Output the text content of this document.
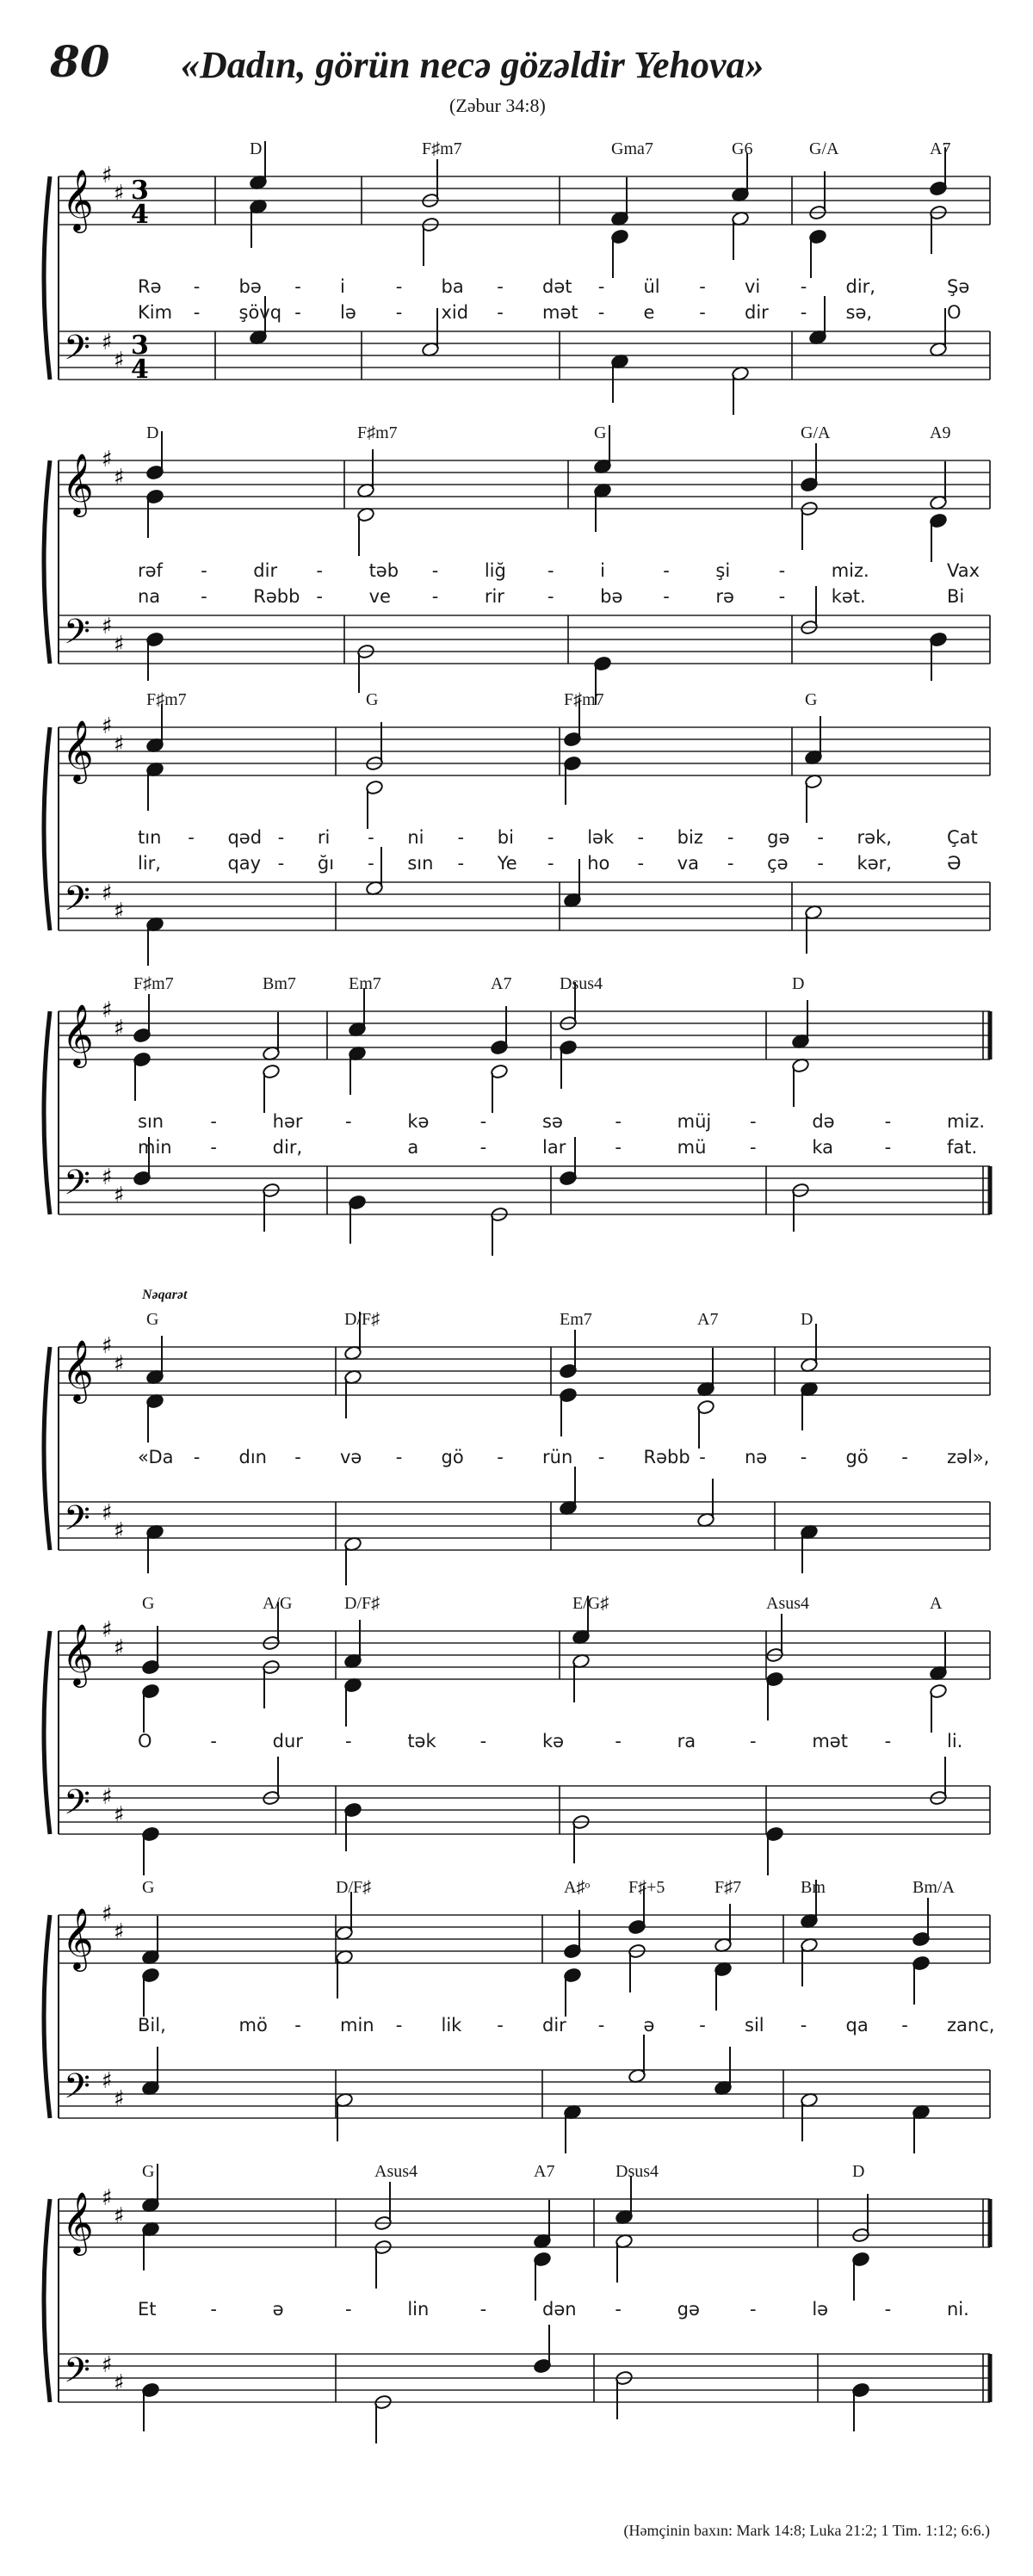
80 «Dadın, görün necə gözəldir Yehova»
(Zəbur 34:8)
𝄞
𝄢
♯
♯
♯
♯
3
4
3
4
D	F♯m7	Gma7	G6	G/A	A7
Rə - bə - i	- ba - dət - ül - vi - dir,	Şə
Kim - şövq - lə - xid - mət - e - dir - sə,	O
𝄞
𝄢
♯
♯
♯
♯
D	F♯m7	G	G/A	A9
rəf -	dir -	təb -	liğ -	i	-	şi	-	miz.	Vax
na -	Rəbb -	ve -	rir -	bə -	rə -	kət.	Bi
𝄞
𝄢
♯
♯
♯
♯
F♯m7	G	F♯m7	G
tın - qəd - ri - ni - bi - lək - biz - gə - rək,	Çat
lir,	qay - ğı - sın - Ye - ho - va - çə - kər,	Ə
𝄞
𝄢
♯
♯
♯
♯
F♯m7	Bm7	Em7	A7	Dsus4	D
sın	-	hər -	kə	-	sə	-	müj -	də	-	miz.
min -	dir,	a	-	lar	-	mü -	ka	-	fat.
𝄞
𝄢
♯
♯
♯
♯
G	D/F♯	Em7	A7	D
Nəqarət
«Da - dın - və - gö - rün - Rəbb - nə - gö - zəl»,
𝄞
𝄢
♯
♯
♯
♯
G	A/G	D/F♯	E/G♯	Asus4	A
O	-	dur -	tək -	kə	-	ra	-	mət -	li.
𝄞
𝄢
♯
♯
♯
♯
G	D/F♯	A♯ᵒ F♯+5	F♯7	Bm	Bm/A
Bil,	mö - min - lik - dir - ə - sil - qa - zanc,
𝄞
𝄢
♯
♯
♯
♯
G	Asus4	A7	Dsus4	D
Et	-	ə	-	lin	-	dən -	gə	-	lə	-	ni.
(Həmçinin baxın: Mark 14:8; Luka 21:2; 1 Tim. 1:12; 6:6.)
